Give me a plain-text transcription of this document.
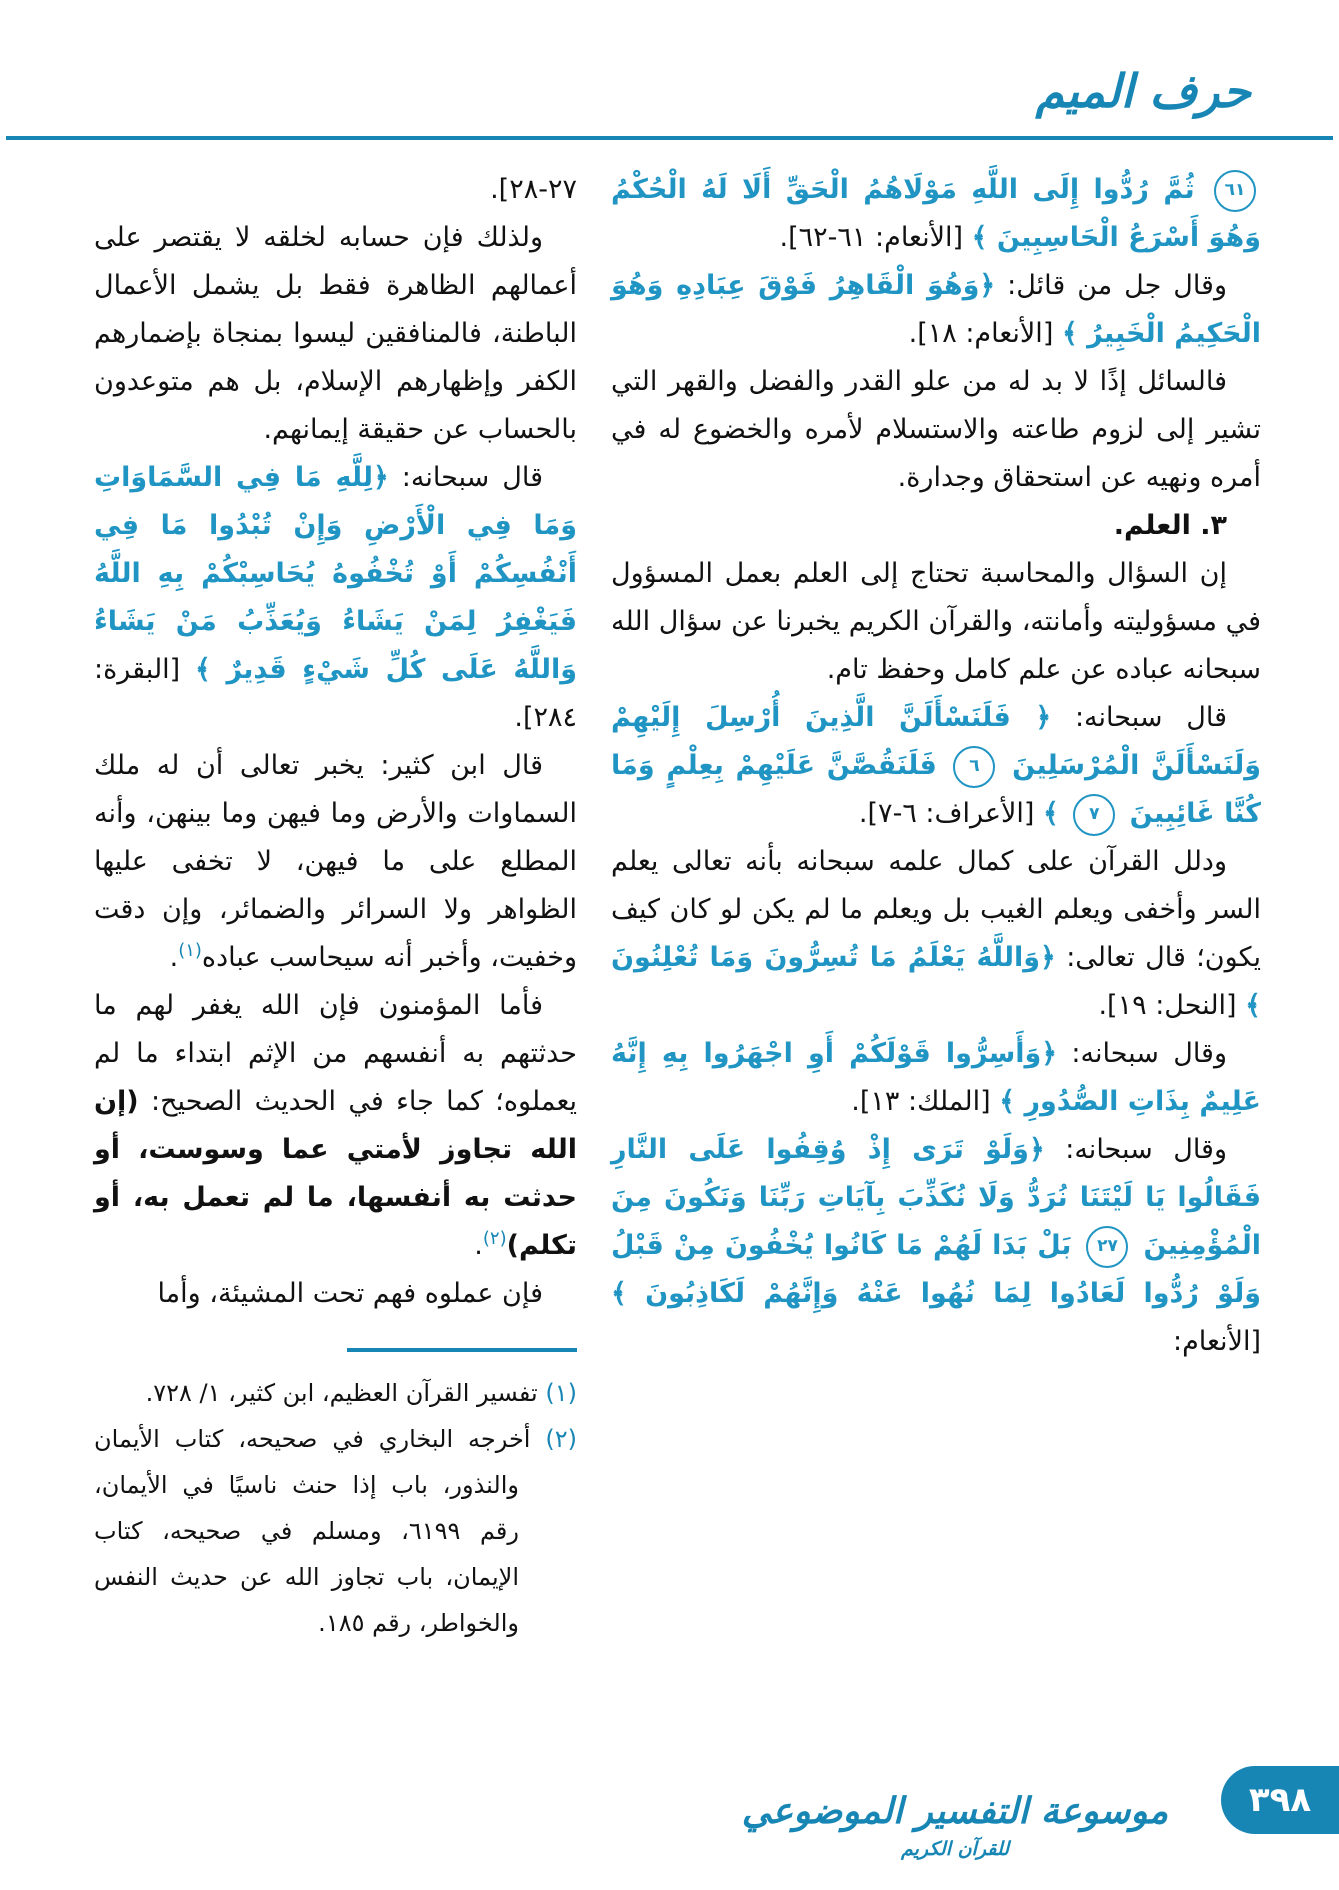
حرف الميم

٦١ ثُمَّ رُدُّوا إِلَى اللَّهِ مَوْلَاهُمُ الْحَقِّ أَلَا لَهُ الْحُكْمُ وَهُوَ أَسْرَعُ الْحَاسِبِينَ ﴾ [الأنعام: ٦١-٦٢].

وقال جل من قائل: ﴿وَهُوَ الْقَاهِرُ فَوْقَ عِبَادِهِ وَهُوَ الْحَكِيمُ الْخَبِيرُ ﴾ [الأنعام: ١٨].

فالسائل إذًا لا بد له من علو القدر والفضل والقهر التي تشير إلى لزوم طاعته والاستسلام لأمره والخضوع له في أمره ونهيه عن استحقاق وجدارة.

٣. العلم.

إن السؤال والمحاسبة تحتاج إلى العلم بعمل المسؤول في مسؤوليته وأمانته، والقرآن الكريم يخبرنا عن سؤال الله سبحانه عباده عن علم كامل وحفظ تام.

قال سبحانه: ﴿ فَلَنَسْأَلَنَّ الَّذِينَ أُرْسِلَ إِلَيْهِمْ وَلَنَسْأَلَنَّ الْمُرْسَلِينَ ٦ فَلَنَقُصَّنَّ عَلَيْهِمْ بِعِلْمٍ وَمَا كُنَّا غَائِبِينَ ٧ ﴾ [الأعراف: ٦-٧].

ودلل القرآن على كمال علمه سبحانه بأنه تعالى يعلم السر وأخفى ويعلم الغيب بل ويعلم ما لم يكن لو كان كيف يكون؛ قال تعالى: ﴿وَاللَّهُ يَعْلَمُ مَا تُسِرُّونَ وَمَا تُعْلِنُونَ ﴾ [النحل: ١٩].

وقال سبحانه: ﴿وَأَسِرُّوا قَوْلَكُمْ أَوِ اجْهَرُوا بِهِ إِنَّهُ عَلِيمٌ بِذَاتِ الصُّدُورِ ﴾ [الملك: ١٣].

وقال سبحانه: ﴿وَلَوْ تَرَى إِذْ وُقِفُوا عَلَى النَّارِ فَقَالُوا يَا لَيْتَنَا نُرَدُّ وَلَا نُكَذِّبَ بِآيَاتِ رَبِّنَا وَنَكُونَ مِنَ الْمُؤْمِنِينَ ٢٧ بَلْ بَدَا لَهُمْ مَا كَانُوا يُخْفُونَ مِنْ قَبْلُ وَلَوْ رُدُّوا لَعَادُوا لِمَا نُهُوا عَنْهُ وَإِنَّهُمْ لَكَاذِبُونَ ﴾ [الأنعام:

٢٧-٢٨].

ولذلك فإن حسابه لخلقه لا يقتصر على أعمالهم الظاهرة فقط بل يشمل الأعمال الباطنة، فالمنافقين ليسوا بمنجاة بإضمارهم الكفر وإظهارهم الإسلام، بل هم متوعدون بالحساب عن حقيقة إيمانهم.

قال سبحانه: ﴿لِلَّهِ مَا فِي السَّمَاوَاتِ وَمَا فِي الْأَرْضِ وَإِنْ تُبْدُوا مَا فِي أَنْفُسِكُمْ أَوْ تُخْفُوهُ يُحَاسِبْكُمْ بِهِ اللَّهُ فَيَغْفِرُ لِمَنْ يَشَاءُ وَيُعَذِّبُ مَنْ يَشَاءُ وَاللَّهُ عَلَى كُلِّ شَيْءٍ قَدِيرٌ ﴾ [البقرة: ٢٨٤].

قال ابن كثير: يخبر تعالى أن له ملك السماوات والأرض وما فيهن وما بينهن، وأنه المطلع على ما فيهن، لا تخفى عليها الظواهر ولا السرائر والضمائر، وإن دقت وخفيت، وأخبر أنه سيحاسب عباده$^{(١)}$.

فأما المؤمنون فإن الله يغفر لهم ما حدثتهم به أنفسهم من الإثم ابتداء ما لم يعملوه؛ كما جاء في الحديث الصحيح: (إن الله تجاوز لأمتي عما وسوست، أو حدثت به أنفسها، ما لم تعمل به، أو تكلم)$^{(٢)}$.

فإن عملوه فهم تحت المشيئة، وأما

(١) تفسير القرآن العظيم، ابن كثير، ١/ ٧٢٨.

(٢) أخرجه البخاري في صحيحه، كتاب الأيمان والنذور، باب إذا حنث ناسيًا في الأيمان، رقم ٦١٩٩، ومسلم في صحيحه، كتاب الإيمان، باب تجاوز الله عن حديث النفس والخواطر، رقم ١٨٥.

موسوعة التفسير الموضوعي
للقرآن الكريم
٣٩٨
